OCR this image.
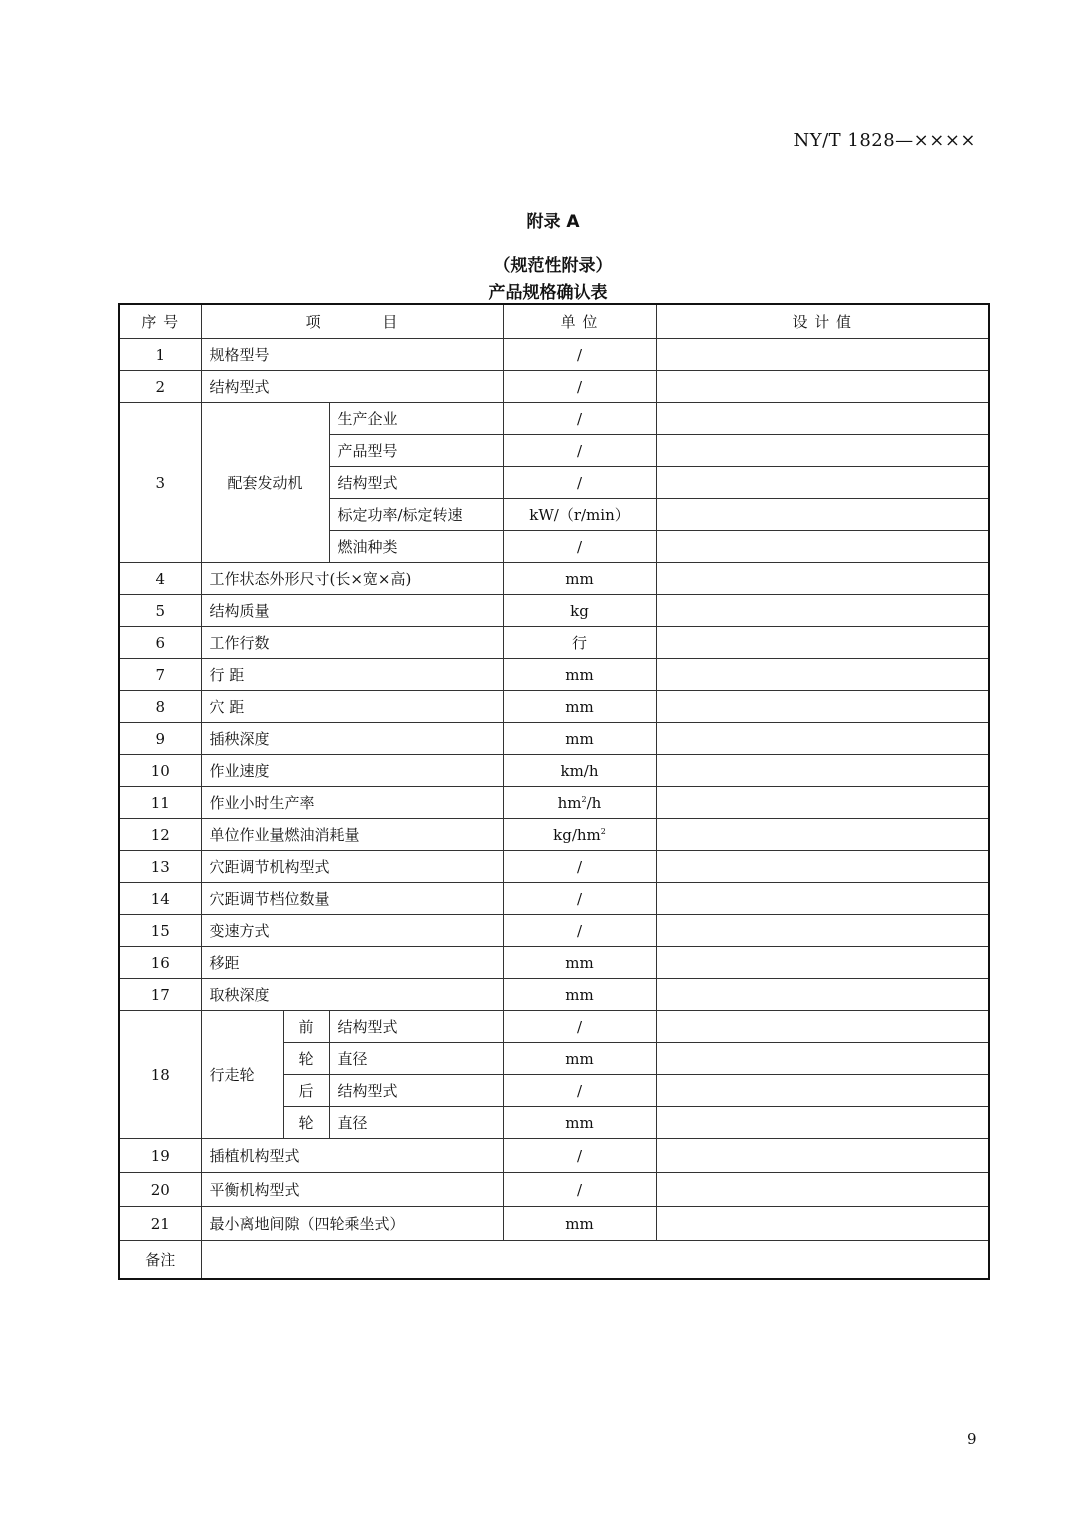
NY/T 1828—××××
附录 A
（规范性附录）
产品规格确认表
序 号	项 目			单 位	设 计 值
1	规格型号			/	
2	结构型式			/	
3	配套发动机		生产企业	/	
			产品型号	/	
			结构型式	/	
			标定功率/标定转速	kW/（r/min）	
			燃油种类	/	
4	工作状态外形尺寸(长×宽×高)			mm	
5	结构质量			kg	
6	工作行数			行	
7	行 距			mm	
8	穴 距			mm	
9	插秧深度			mm	
10	作业速度			km/h	
11	作业小时生产率			$hm^2/h$	
12	单位作业量燃油消耗量			$kg/hm^2$	
13	穴距调节机构型式			/	
14	穴距调节档位数量			/	
15	变速方式			/	
16	移距			mm	
17	取秧深度			mm	
18	行走轮	前	结构型式	/	
		轮	直径	mm	
		后	结构型式	/	
		轮	直径	mm	
19	插植机构型式			/	
20	平衡机构型式			/	
21	最小离地间隙（四轮乘坐式）			mm	
备注					
9
